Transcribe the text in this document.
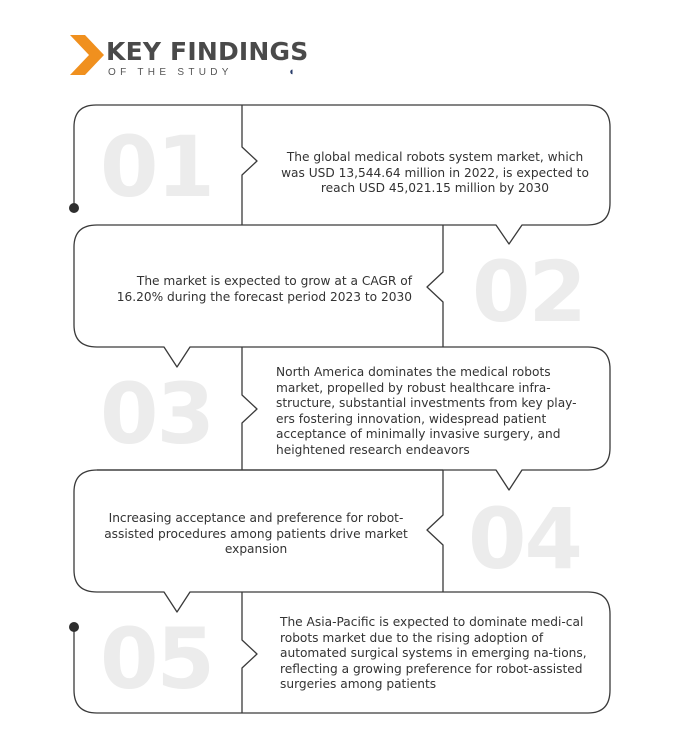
KEY FINDINGS
OF THE STUDY	◖
01	The global medical robots system market, which was USD 13,544.64 million in 2022, is expected to reach USD 45,021.15 million by 2030
02
The market is expected to grow at a CAGR of 16.20% during the forecast period 2023 to 2030
03	North America dominates the medical robots market, propelled by robust healthcare infra-structure, substantial investments from key play-ers fostering innovation, widespread patient acceptance of minimally invasive surgery, and heightened research endeavors
04
Increasing acceptance and preference for robot-assisted procedures among patients drive market expansion
05	The Asia-Pacific is expected to dominate medi-cal robots market due to the rising adoption of automated surgical systems in emerging na-tions, reflecting a growing preference for robot-assisted surgeries among patients
